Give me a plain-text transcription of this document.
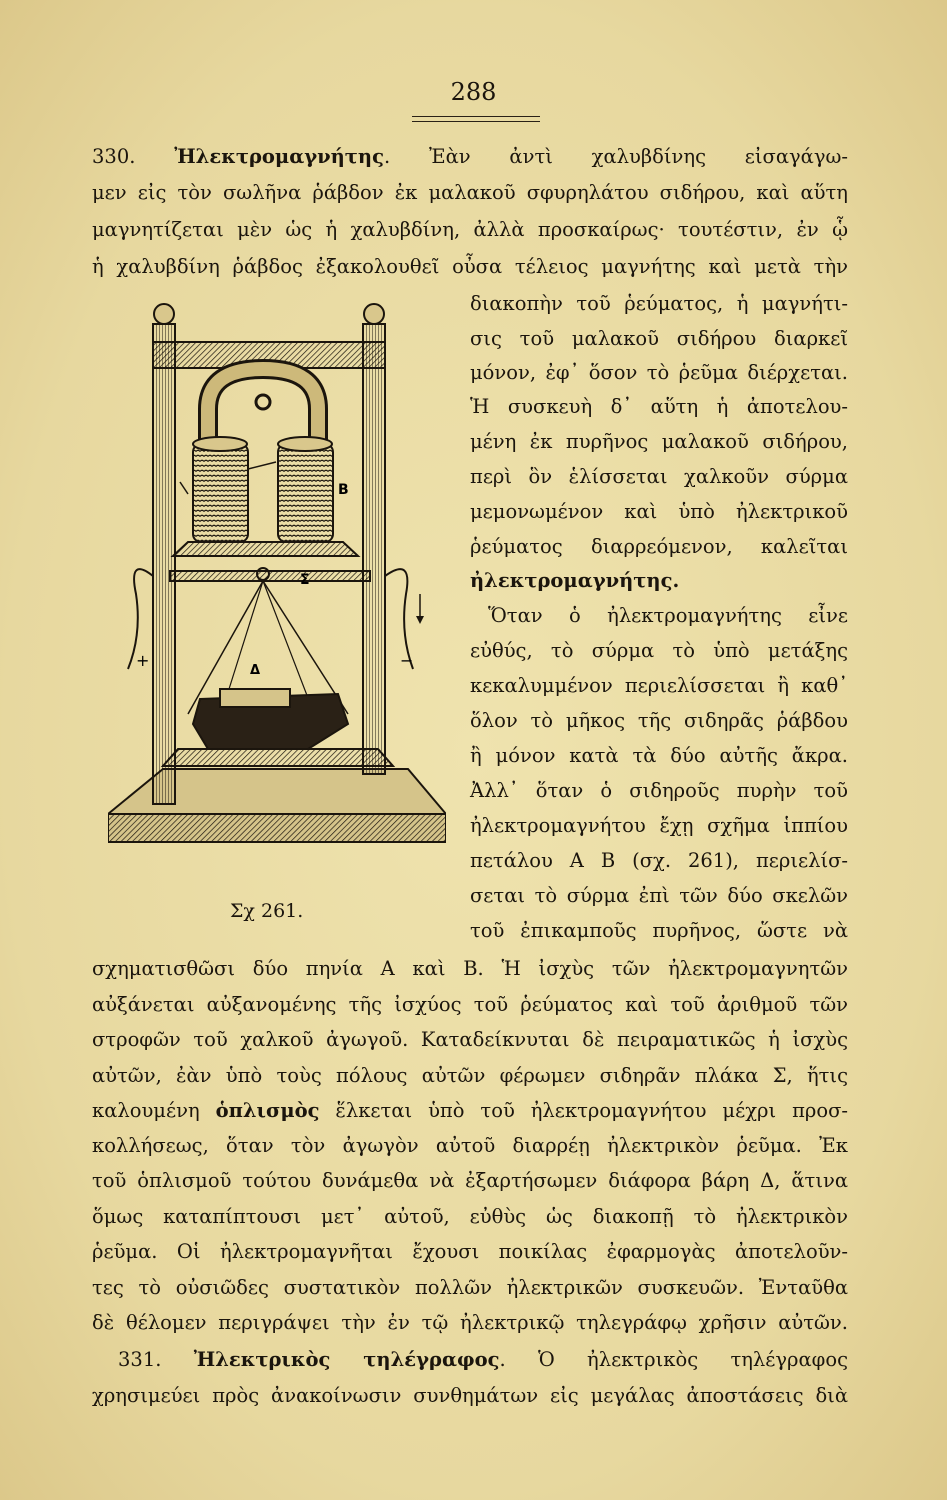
288
330. Ἠλεκτρομαγνήτης. Ἐὰν ἀντὶ χαλυβδίνης εἰσαγάγω-
μεν εἰς τὸν σωλῆνα ῥάβδον ἐκ μαλακοῦ σφυρηλάτου σιδήρου, καὶ αὕτη
μαγνητίζεται μὲν ὡς ἡ χαλυβδίνη, ἀλλὰ προσκαίρως· τουτέστιν, ἐν ᾧ
ἡ χαλυβδίνη ῥάβδος ἐξακολουθεῖ οὖσα τέλειος μαγνήτης καὶ μετὰ τὴν
διακοπὴν τοῦ ῥεύματος, ἡ μαγνήτι-
σις τοῦ μαλακοῦ σιδήρου διαρκεῖ
μόνον, ἐφ᾽ ὅσον τὸ ῥεῦμα διέρχεται.
Ἡ συσκευὴ δ᾽ αὕτη ἡ ἀποτελου-
μένη ἐκ πυρῆνος μαλακοῦ σιδήρου,
περὶ ὃν ἑλίσσεται χαλκοῦν σύρμα
μεμονωμένον καὶ ὑπὸ ἠλεκτρικοῦ
ῥεύματος διαρρεόμενον, καλεῖται
ἠλεκτρομαγνήτης.
Ὅταν ὁ ἠλεκτρομαγνήτης εἶνε
εὐθύς, τὸ σύρμα τὸ ὑπὸ μετάξης
κεκαλυμμένον περιελίσσεται ἢ καθ᾽
ὅλον τὸ μῆκος τῆς σιδηρᾶς ῥάβδου
ἢ μόνον κατὰ τὰ δύο αὐτῆς ἄκρα.
Ἀλλ᾽ ὅταν ὁ σιδηροῦς πυρὴν τοῦ
ἠλεκτρομαγνήτου ἔχῃ σχῆμα ἱππίου
πετάλου A B (σχ. 261), περιελίσ-
σεται τὸ σύρμα ἐπὶ τῶν δύο σκελῶν
τοῦ ἐπικαμποῦς πυρῆνος, ὥστε νὰ
σχηματισθῶσι δύο πηνία A καὶ B. Ἡ ἰσχὺς τῶν ἠλεκτρομαγνητῶν
αὐξάνεται αὐξανομένης τῆς ἰσχύος τοῦ ῥεύματος καὶ τοῦ ἀριθμοῦ τῶν
στροφῶν τοῦ χαλκοῦ ἀγωγοῦ. Καταδείκνυται δὲ πειραματικῶς ἡ ἰσχὺς
αὐτῶν, ἐὰν ὑπὸ τοὺς πόλους αὐτῶν φέρωμεν σιδηρᾶν πλάκα Σ, ἥτις
καλουμένη ὁπλισμὸς ἕλκεται ὑπὸ τοῦ ἠλεκτρομαγνήτου μέχρι προσ-
κολλήσεως, ὅταν τὸν ἀγωγὸν αὐτοῦ διαρρέῃ ἠλεκτρικὸν ῥεῦμα. Ἐκ
τοῦ ὁπλισμοῦ τούτου δυνάμεθα νὰ ἐξαρτήσωμεν διάφορα βάρη Δ, ἅτινα
ὅμως καταπίπτουσι μετ᾽ αὐτοῦ, εὐθὺς ὡς διακοπῇ τὸ ἠλεκτρικὸν
ῥεῦμα. Οἱ ἠλεκτρομαγνῆται ἔχουσι ποικίλας ἐφαρμογὰς ἀποτελοῦν-
τες τὸ οὐσιῶδες συστατικὸν πολλῶν ἠλεκτρικῶν συσκευῶν. Ἐνταῦθα
δὲ θέλομεν περιγράψει τὴν ἐν τῷ ἠλεκτρικῷ τηλεγράφῳ χρῆσιν αὐτῶν.
331. Ἠλεκτρικὸς τηλέγραφος. Ὁ ἠλεκτρικὸς τηλέγραφος
χρησιμεύει πρὸς ἀνακοίνωσιν συνθημάτων εἰς μεγάλας ἀποστάσεις διὰ
B
+	−
Σ
Δ
Σχ 261.
